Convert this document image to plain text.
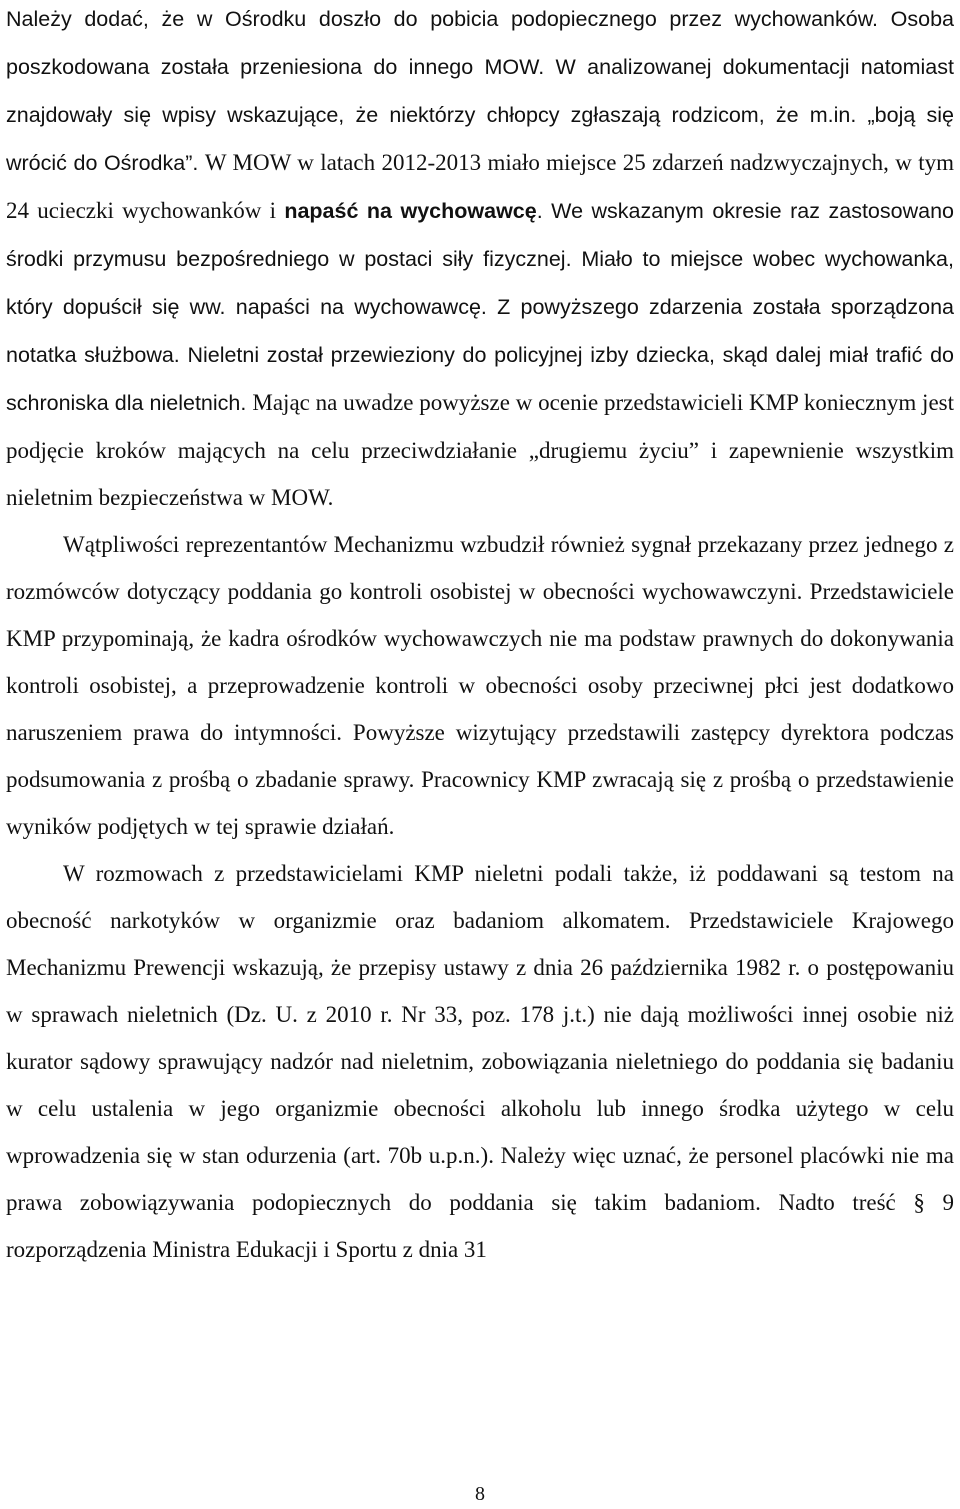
Należy dodać, że w Ośrodku doszło do pobicia podopiecznego przez wychowanków. Osoba poszkodowana została przeniesiona do innego MOW. W analizowanej dokumentacji natomiast znajdowały się wpisy wskazujące, że niektórzy chłopcy zgłaszają rodzicom, że m.in. „boją się wrócić do Ośrodka”. W MOW w latach 2012-2013 miało miejsce 25 zdarzeń nadzwyczajnych, w tym 24 ucieczki wychowanków i napaść na wychowawcę. We wskazanym okresie raz zastosowano środki przymusu bezpośredniego w postaci siły fizycznej. Miało to miejsce wobec wychowanka, który dopuścił się ww. napaści na wychowawcę. Z powyższego zdarzenia została sporządzona notatka służbowa. Nieletni został przewieziony do policyjnej izby dziecka, skąd dalej miał trafić do schroniska dla nieletnich. Mając na uwadze powyższe w ocenie przedstawicieli KMP koniecznym jest podjęcie kroków mających na celu przeciwdziałanie „drugiemu życiu” i zapewnienie wszystkim nieletnim bezpieczeństwa w MOW.

Wątpliwości reprezentantów Mechanizmu wzbudził również sygnał przekazany przez jednego z rozmówców dotyczący poddania go kontroli osobistej w obecności wychowawczyni. Przedstawiciele KMP przypominają, że kadra ośrodków wychowawczych nie ma podstaw prawnych do dokonywania kontroli osobistej, a przeprowadzenie kontroli w obecności osoby przeciwnej płci jest dodatkowo naruszeniem prawa do intymności. Powyższe wizytujący przedstawili zastępcy dyrektora podczas podsumowania z prośbą o zbadanie sprawy. Pracownicy KMP zwracają się z prośbą o przedstawienie wyników podjętych w tej sprawie działań.

W rozmowach z przedstawicielami KMP nieletni podali także, iż poddawani są testom na obecność narkotyków w organizmie oraz badaniom alkomatem. Przedstawiciele Krajowego Mechanizmu Prewencji wskazują, że przepisy ustawy z dnia 26 października 1982 r. o postępowaniu w sprawach nieletnich (Dz. U. z 2010 r. Nr 33, poz. 178 j.t.) nie dają możliwości innej osobie niż kurator sądowy sprawujący nadzór nad nieletnim, zobowiązania nieletniego do poddania się badaniu w celu ustalenia w jego organizmie obecności alkoholu lub innego środka użytego w celu wprowadzenia się w stan odurzenia (art. 70b u.p.n.). Należy więc uznać, że personel placówki nie ma prawa zobowiązywania podopiecznych do poddania się takim badaniom. Nadto treść § 9 rozporządzenia Ministra Edukacji i Sportu z dnia 31

8
